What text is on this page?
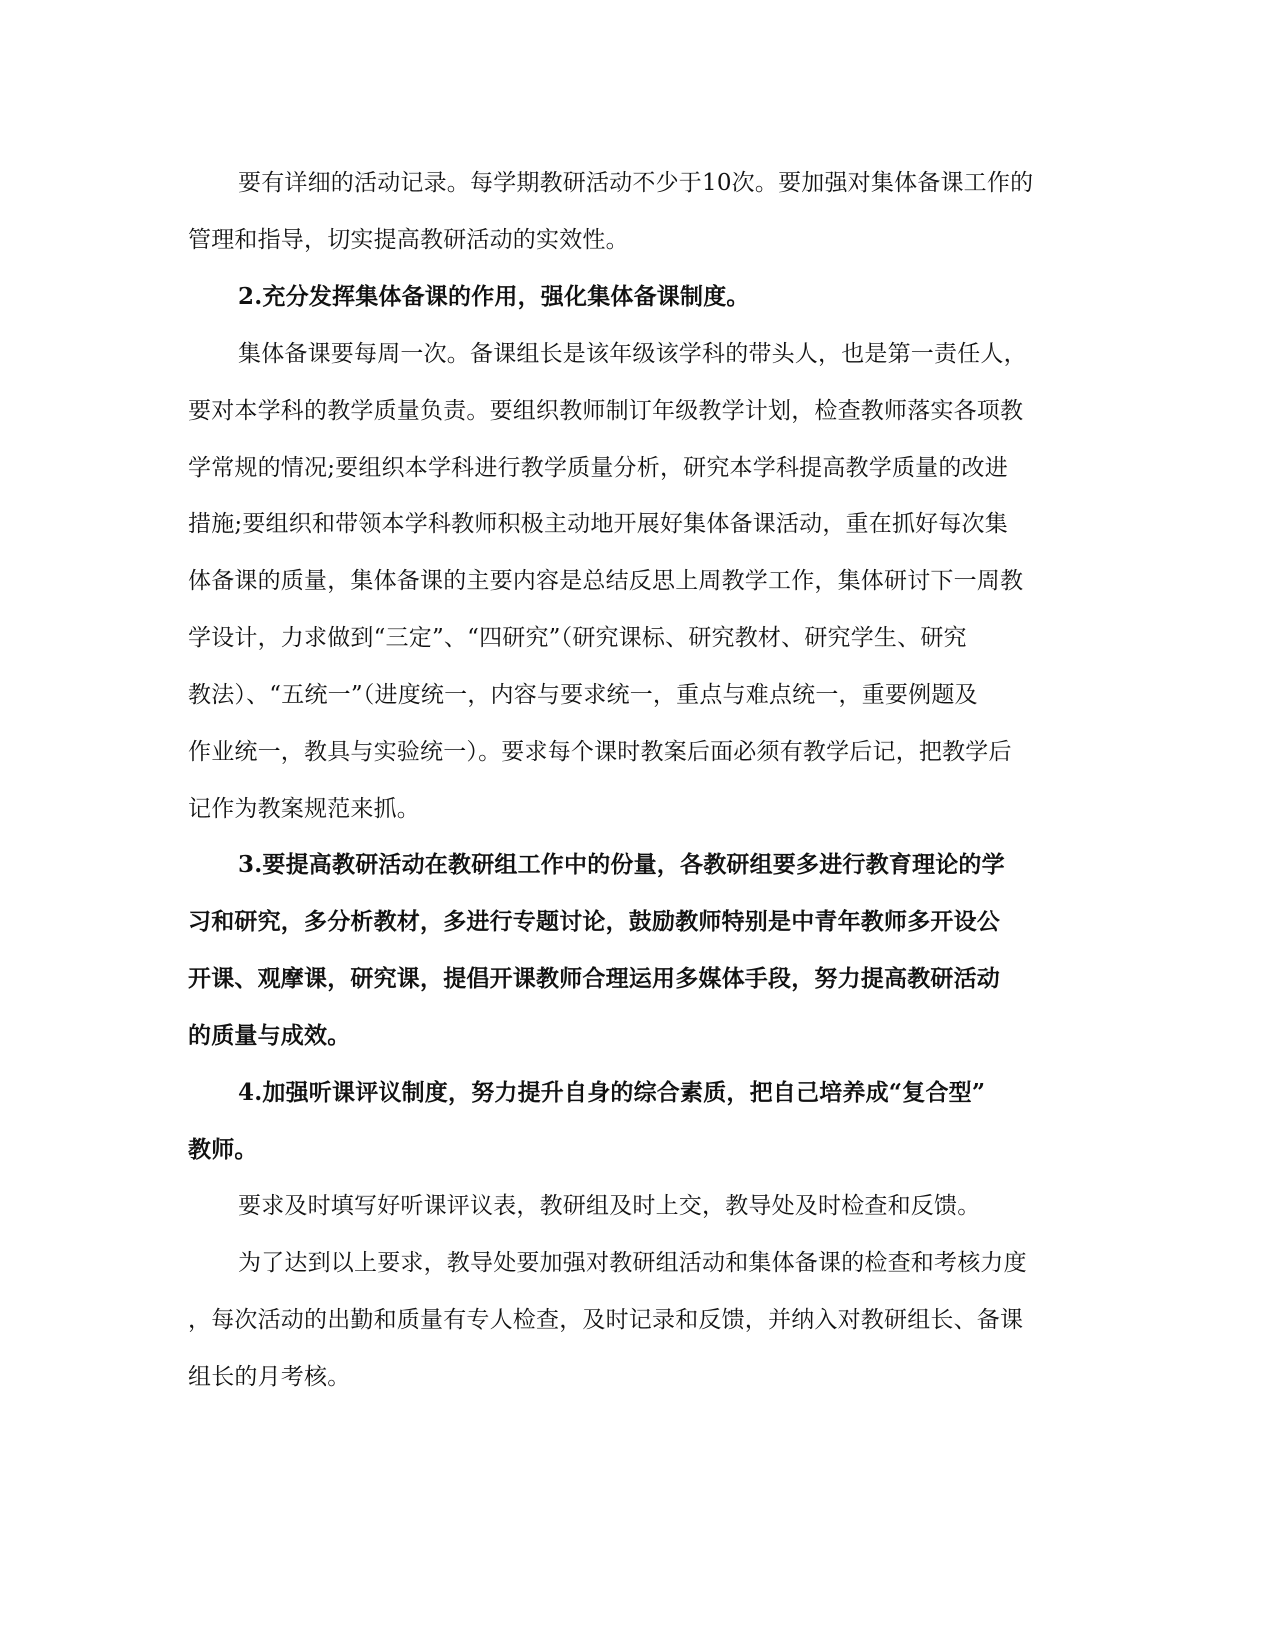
要有详细的活动记录。每学期教研活动不少于10次。要加强对集体备课工作的
管理和指导，切实提高教研活动的实效性。
2.充分发挥集体备课的作用，强化集体备课制度。
集体备课要每周一次。备课组长是该年级该学科的带头人，也是第一责任人，
要对本学科的教学质量负责。要组织教师制订年级教学计划，检查教师落实各项教
学常规的情况;要组织本学科进行教学质量分析，研究本学科提高教学质量的改进
措施;要组织和带领本学科教师积极主动地开展好集体备课活动，重在抓好每次集
体备课的质量，集体备课的主要内容是总结反思上周教学工作，集体研讨下一周教
学设计，力求做到“三定”、“四研究”（研究课标、研究教材、研究学生、研究
教法）、“五统一”（进度统一，内容与要求统一，重点与难点统一，重要例题及
作业统一，教具与实验统一）。要求每个课时教案后面必须有教学后记，把教学后
记作为教案规范来抓。
3.要提高教研活动在教研组工作中的份量，各教研组要多进行教育理论的学
习和研究，多分析教材，多进行专题讨论，鼓励教师特别是中青年教师多开设公
开课、观摩课，研究课，提倡开课教师合理运用多媒体手段，努力提高教研活动
的质量与成效。
4.加强听课评议制度，努力提升自身的综合素质，把自己培养成“复合型”
教师。
要求及时填写好听课评议表，教研组及时上交，教导处及时检查和反馈。
为了达到以上要求，教导处要加强对教研组活动和集体备课的检查和考核力度
，每次活动的出勤和质量有专人检查，及时记录和反馈，并纳入对教研组长、备课
组长的月考核。
